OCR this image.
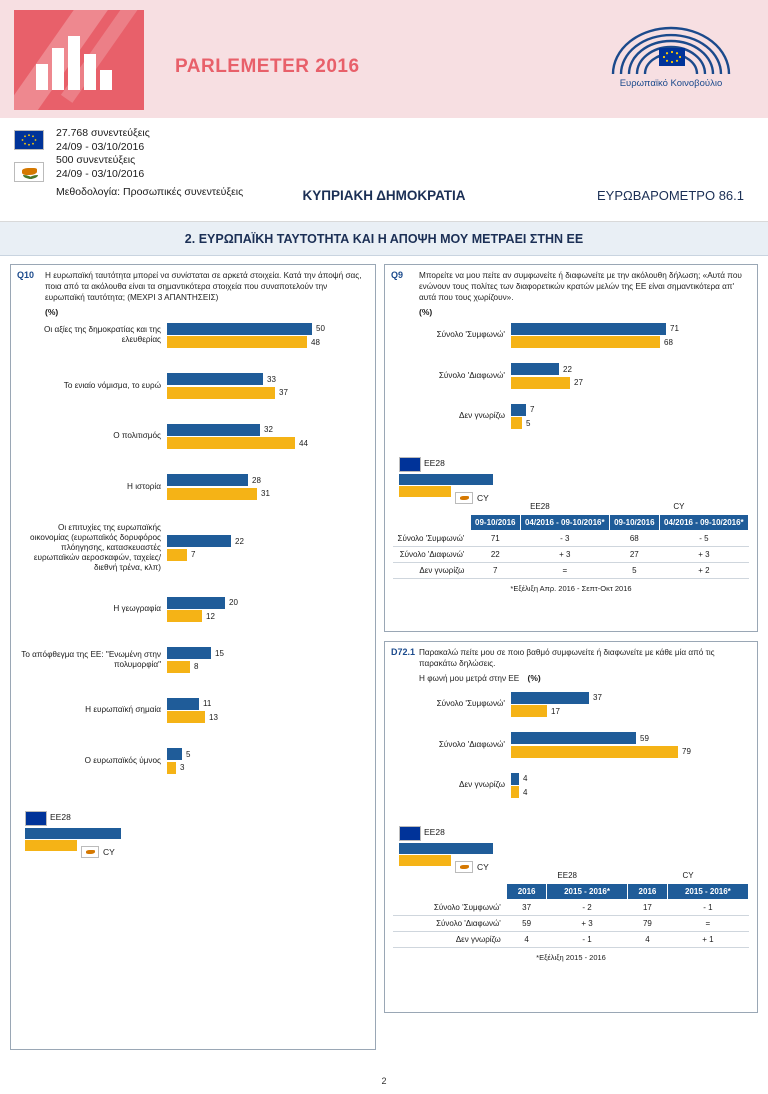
PARLEMETER 2016
Ευρωπαϊκό Κοινοβούλιο
27.768 συνεντεύξεις
24/09 - 03/10/2016
500 συνεντεύξεις
24/09 - 03/10/2016
Μεθοδολογία: Προσωπικές συνεντεύξεις	ΚΥΠΡΙΑΚΗ ΔΗΜΟΚΡΑΤΙΑ	ΕΥΡΩΒΑΡΟΜΕΤΡΟ 86.1
2. ΕΥΡΩΠΑΪΚΗ ΤΑΥΤΟΤΗΤΑ ΚΑΙ Η ΑΠΟΨΗ ΜΟΥ ΜΕΤΡΑΕΙ ΣΤΗΝ ΕΕ
Q10	Η ευρωπαϊκή ταυτότητα μπορεί να συνίσταται σε αρκετά στοιχεία. Κατά την άποψή σας, ποια από τα ακόλουθα είναι τα σημαντικότερα στοιχεία που συναποτελούν την ευρωπαϊκή ταυτότητα; (ΜΕΧΡΙ 3 ΑΠΑΝΤΗΣΕΙΣ)
(%)
Οι αξίες της δημοκρατίας και της ελευθερίας
50
48
Το ενιαίο νόμισμα, το ευρώ
33
37
Ο πολιτισμός
32
44
Η ιστορία
28
31
Οι επιτυχίες της ευρωπαϊκής οικονομίας (ευρωπαϊκός δορυφόρος πλόηγησης, κατασκευαστές ευρωπαϊκών αεροσκαφών, ταχείες/διεθνή τρένα, κλπ)
22
7
Η γεωγραφία
20
12
Το απόφθεγμα της ΕΕ: "Ενωμένη στην πολυμορφία"
15
8
Η ευρωπαϊκή σημαία
11
13
Ο ευρωπαϊκός ύμνος
5
3
ΕΕ28
CY
Q9	Μπορείτε να μου πείτε αν συμφωνείτε ή διαφωνείτε με την ακόλουθη δήλωση; «Αυτά που ενώνουν τους πολίτες των διαφορετικών κρατών μελών της ΕΕ είναι σημαντικότερα απ' αυτά που τους χωρίζουν».
(%)
Σύνολο 'Συμφωνώ'
71
68
Σύνολο 'Διαφωνώ'
22
27
Δεν γνωρίζω
7
5
ΕΕ28
CY
	ΕΕ28		CY	
	09-10/2016	04/2016 - 09-10/2016*	09-10/2016	04/2016 - 09-10/2016*
Σύνολο 'Συμφωνώ'	71	- 3	68	- 5
Σύνολο 'Διαφωνώ'	22	+ 3	27	+ 3
Δεν γνωρίζω	7	=	5	+ 2
*Εξέλιξη Απρ. 2016 - Σεπτ-Οκτ 2016
D72.1 Παρακαλώ πείτε μου σε ποιο βαθμό συμφωνείτε ή διαφωνείτε με κάθε μία από τις παρακάτω δηλώσεις.
Η φωνή μου μετρά στην ΕΕ (%)
Σύνολο 'Συμφωνώ'
37
17
Σύνολο 'Διαφωνώ'
59
79
Δεν γνωρίζω
4
4
ΕΕ28
CY
	ΕΕ28		CY	
	2016	2015 - 2016*	2016	2015 - 2016*
Σύνολο 'Συμφωνώ'	37	- 2	17	- 1
Σύνολο 'Διαφωνώ'	59	+ 3	79	=
Δεν γνωρίζω	4	- 1	4	+ 1
*Εξέλιξη 2015 - 2016
2
